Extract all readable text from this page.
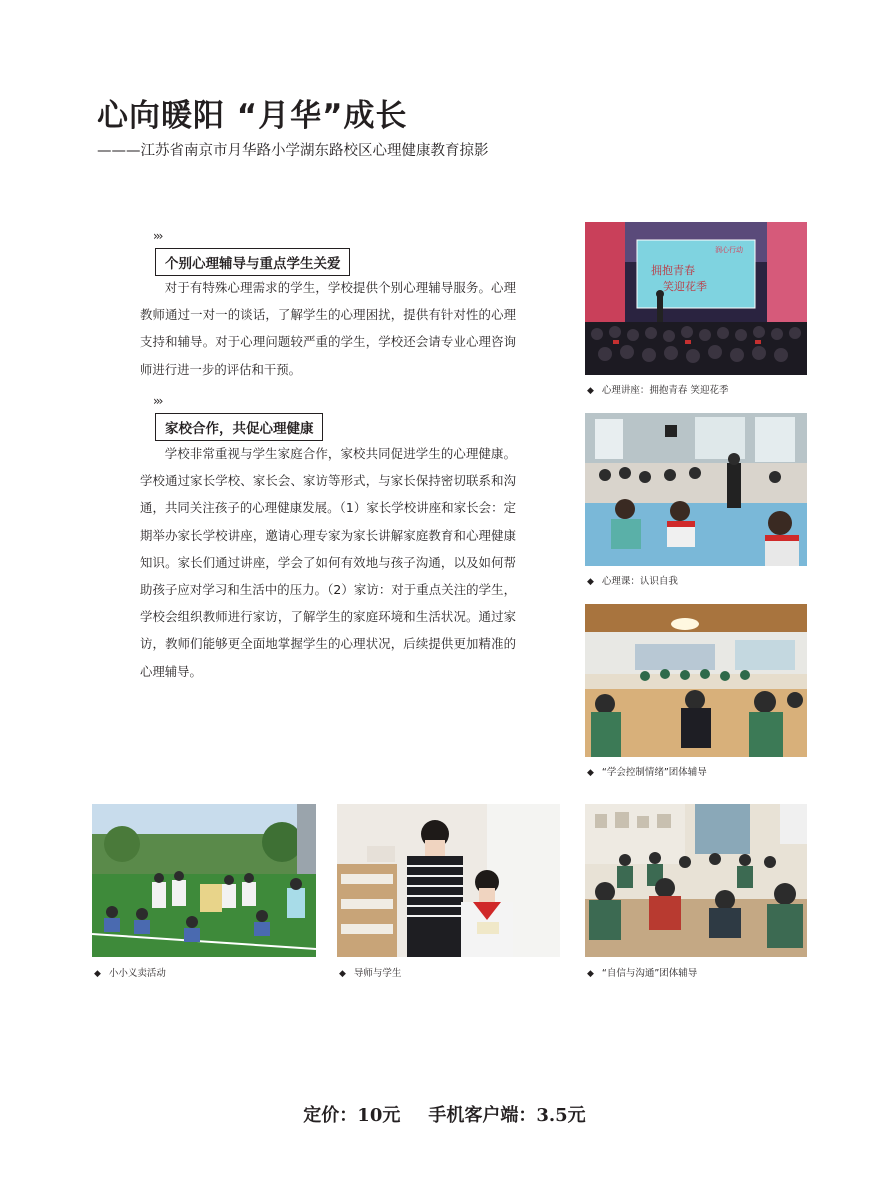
心向暖阳 “月华”成长
———江苏省南京市月华路小学湖东路校区心理健康教育掠影
›››
个别心理辅导与重点学生关爱

对于有特殊心理需求的学生，学校提供个别心理辅导服务。心理教师通过一对一的谈话，了解学生的心理困扰，提供有针对性的心理支持和辅导。对于心理问题较严重的学生，学校还会请专业心理咨询师进行进一步的评估和干预。

›››
家校合作，共促心理健康

学校非常重视与学生家庭合作，家校共同促进学生的心理健康。学校通过家长学校、家长会、家访等形式，与家长保持密切联系和沟通，共同关注孩子的心理健康发展。（1）家长学校讲座和家长会：定期举办家长学校讲座，邀请心理专家为家长讲解家庭教育和心理健康知识。家长们通过讲座，学会了如何有效地与孩子沟通，以及如何帮助孩子应对学习和生活中的压力。（2）家访：对于重点关注的学生，学校会组织教师进行家访，了解学生的家庭环境和生活状况。通过家访，教师们能够更全面地掌握学生的心理状况，后续提供更加精准的心理辅导。

拥抱青春
笑迎花季
润心行动
◆ 心理讲座：拥抱青春 笑迎花季
◆ 心理课：认识自我
◆ “学会控制情绪”团体辅导
◆ 小小义卖活动	◆ 导师与学生	◆ “自信与沟通”团体辅导
定价：10元 手机客户端：3.5元
